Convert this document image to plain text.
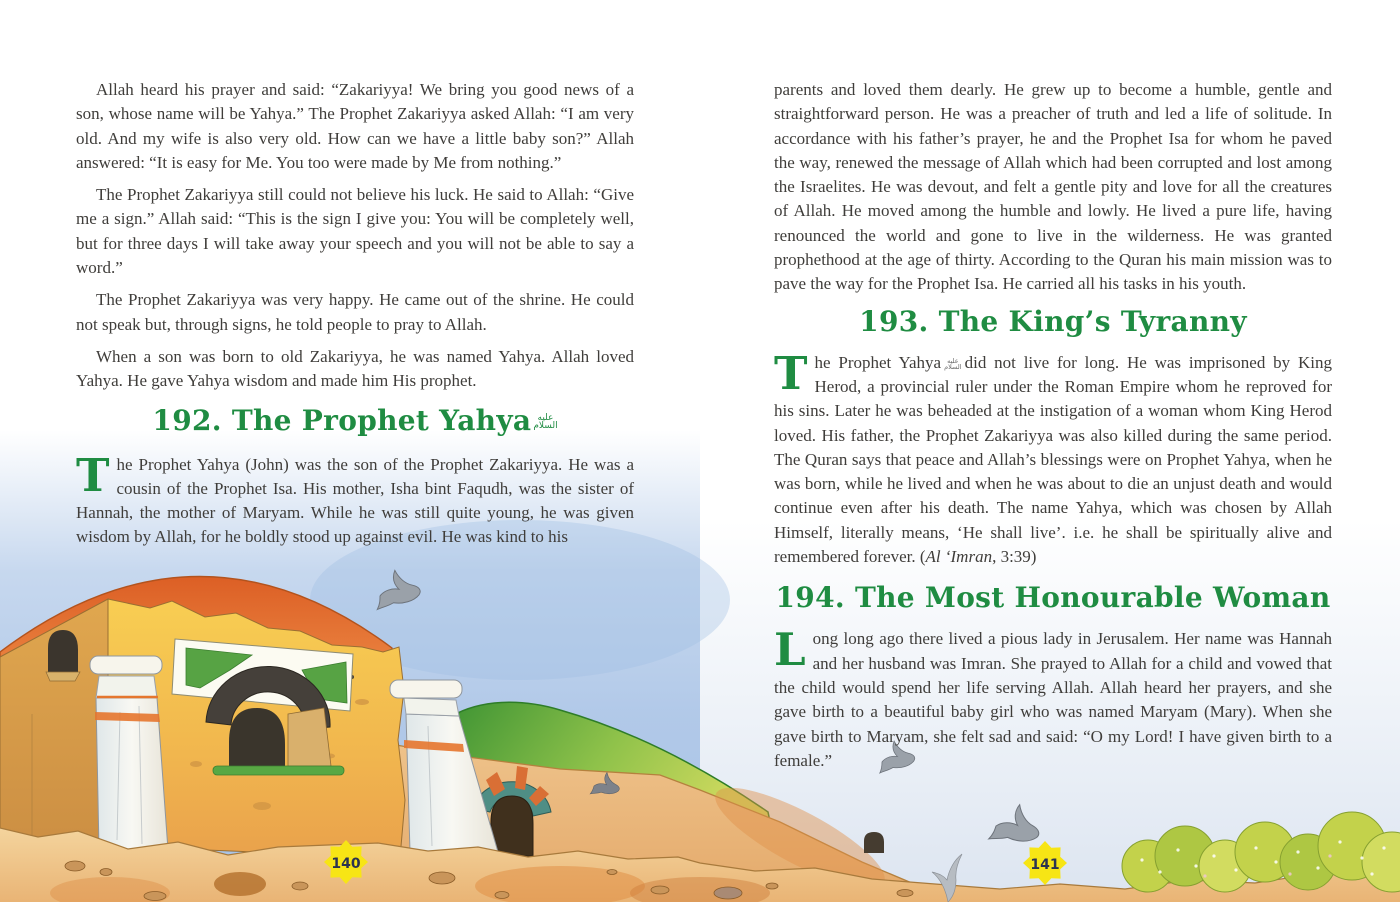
140	141

Allah heard his prayer and said: “Zakariyya! We bring you good news of a son, whose name will be Yahya.” The Prophet Zakariyya asked Allah: “I am very old. And my wife is also very old. How can we have a little baby son?” Allah answered: “It is easy for Me. You too were made by Me from nothing.”

The Prophet Zakariyya still could not believe his luck. He said to Allah: “Give me a sign.” Allah said: “This is the sign I give you: You will be completely well, but for three days I will take away your speech and you will not be able to say a word.”

The Prophet Zakariyya was very happy. He came out of the shrine. He could not speak but, through signs, he told people to pray to Allah.

When a son was born to old Zakariyya, he was named Yahya. Allah loved Yahya. He gave Yahya wisdom and made him His prophet.

192. The Prophet Yahya عليه
السلام

The Prophet Yahya (John) was the son of the Prophet Zakariyya. He was a cousin of the Prophet Isa. His mother, Isha bint Faqudh, was the sister of Hannah, the mother of Maryam. While he was still quite young, he was given wisdom by Allah, for he boldly stood up against evil. He was kind to his

parents and loved them dearly. He grew up to become a humble, gentle and straightforward person. He was a preacher of truth and led a life of solitude. In accordance with his father’s prayer, he and the Prophet Isa for whom he paved the way, renewed the message of Allah which had been corrupted and lost among the Israelites. He was devout, and felt a gentle pity and love for all the creatures of Allah. He moved among the humble and lowly. He lived a pure life, having renounced the world and gone to live in the wilderness. He was granted prophethood at the age of thirty. According to the Quran his main mission was to pave the way for the Prophet Isa. He carried all his tasks in his youth.

193. The King’s Tyranny

The Prophet Yahya عليه
السلام did not live for long. He was imprisoned by King Herod, a provincial ruler under the Roman Empire whom he reproved for his sins. Later he was beheaded at the instigation of a woman whom King Herod loved. His father, the Prophet Zakariyya was also killed during the same period. The Quran says that peace and Allah’s blessings were on Prophet Yahya, when he was born, while he lived and when he was about to die an unjust death and would continue even after his death. The name Yahya, which was chosen by Allah Himself, literally means, ‘He shall live’. i.e. he shall be spiritually alive and remembered forever. (Al ‘Imran, 3:39)

194. The Most Honourable Woman

Long long ago there lived a pious lady in Jerusalem. Her name was Hannah and her husband was Imran. She prayed to Allah for a child and vowed that the child would spend her life serving Allah. Allah heard her prayers, and she gave birth to a beautiful baby girl who was named Maryam (Mary). When she gave birth to Maryam, she felt sad and said: “O my Lord! I have given birth to a female.”
